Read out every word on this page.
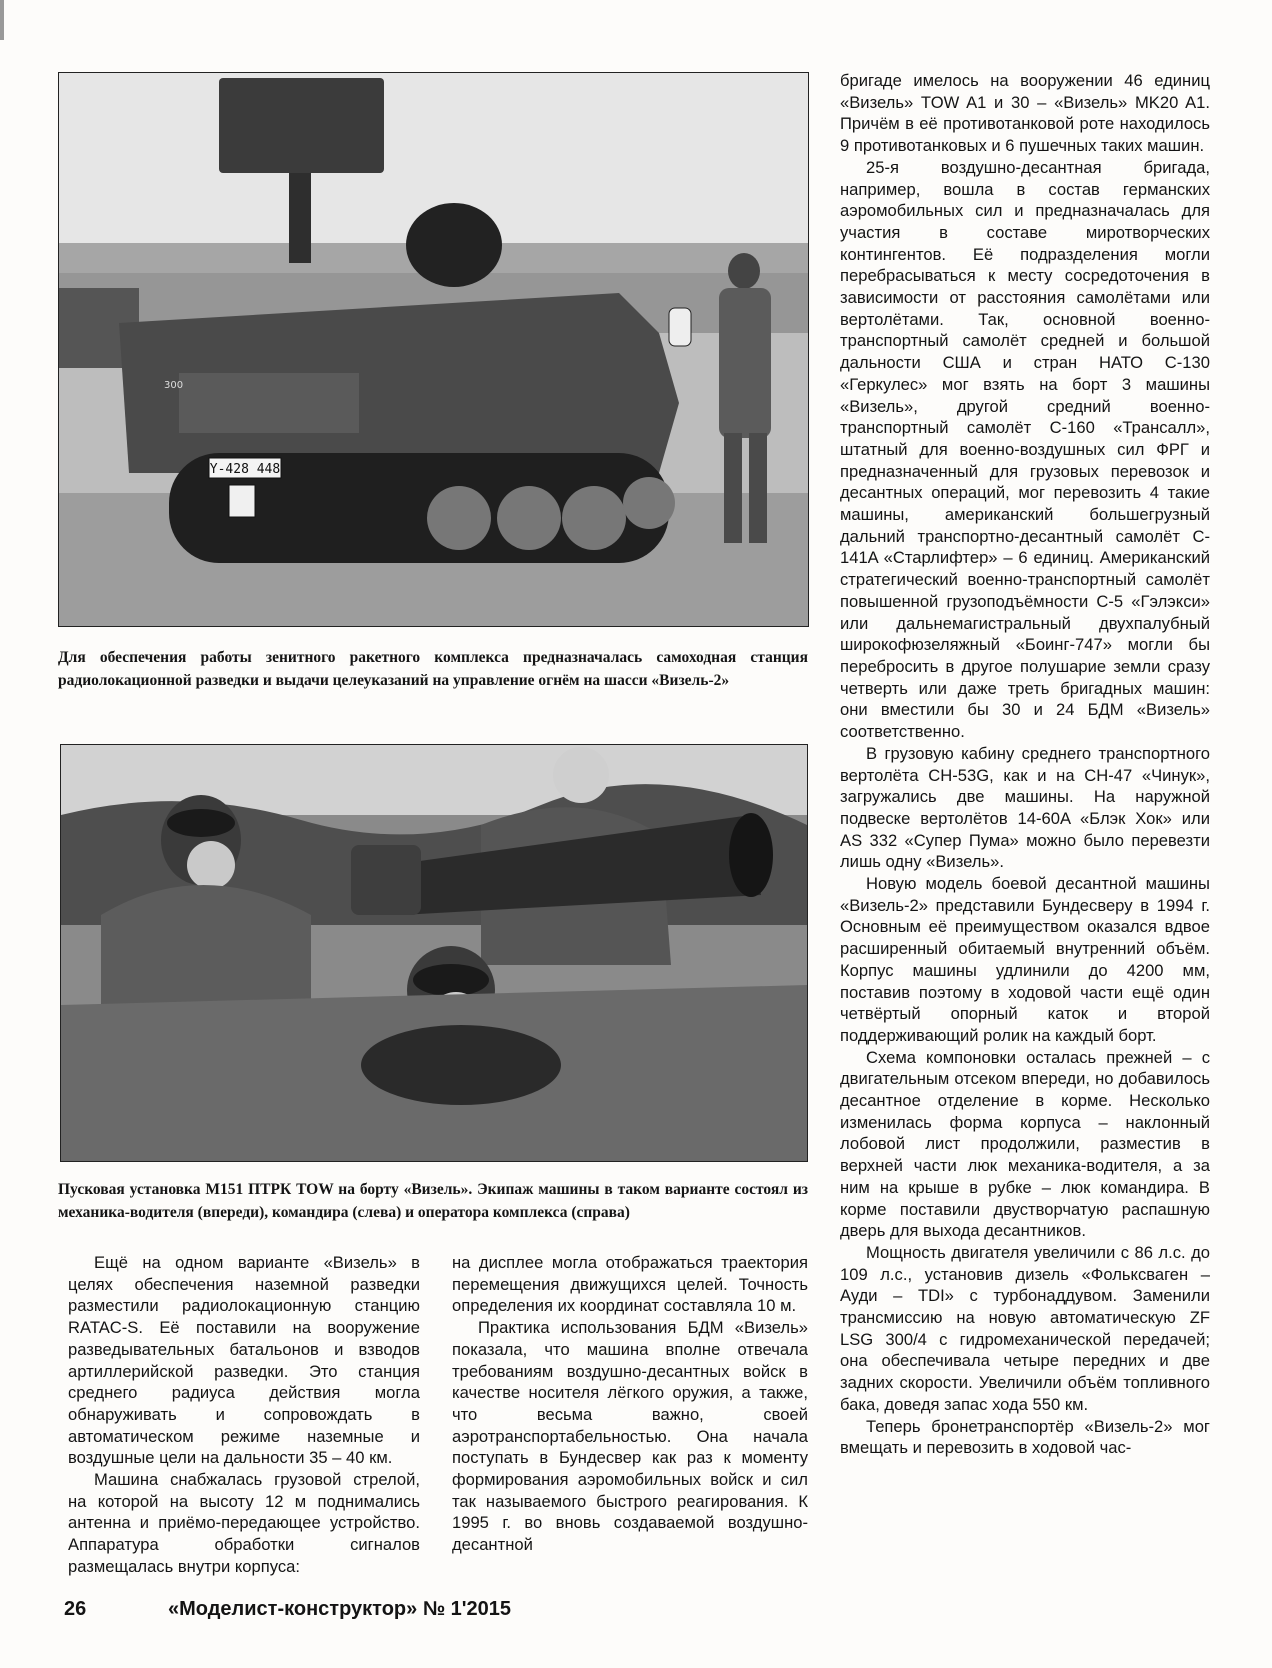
Y-428 448
300

Для обеспечения работы зенитного ракетного комплекса предназначалась самоходная станция радиолокационной разведки и выдачи целеуказаний на управление огнём на шасси «Визель-2»

Пусковая установка M151 ПТРК TOW на борту «Визель». Экипаж машины в таком варианте состоял из механика-водителя (впереди), командира (слева) и оператора комплекса (справа)

Ещё на одном варианте «Визель» в целях обеспечения наземной разведки разместили радиолокационную станцию RATAC-S. Её поставили на вооружение разведывательных батальонов и взводов артиллерийской разведки. Это станция среднего радиуса действия могла обнаруживать и сопровождать в автоматическом режиме наземные и воздушные цели на дальности 35 – 40 км.

Машина снабжалась грузовой стрелой, на которой на высоту 12 м поднимались антенна и приёмо-передающее устройство. Аппаратура обработки сигналов размещалась внутри корпуса:

на дисплее могла отображаться траектория перемещения движущихся целей. Точность определения их координат составляла 10 м.

Практика использования БДМ «Визель» показала, что машина вполне отвечала требованиям воздушно-десантных войск в качестве носителя лёгкого оружия, а также, что весьма важно, своей аэротранспортабельностью. Она начала поступать в Бундесвер как раз к моменту формирования аэромобильных войск и сил так называемого быстрого реагирования. К 1995 г. во вновь создаваемой воздушно-десантной

бригаде имелось на вооружении 46 единиц «Визель» TOW A1 и 30 – «Визель» MK20 A1. Причём в её противотанковой роте находилось 9 противотанковых и 6 пушечных таких машин.

25-я воздушно-десантная бригада, например, вошла в состав германских аэромобильных сил и предназначалась для участия в составе миротворческих контингентов. Её подразделения могли перебрасываться к месту сосредоточения в зависимости от расстояния самолётами или вертолётами. Так, основной военно-транспортный самолёт средней и большой дальности США и стран НАТО C-130 «Геркулес» мог взять на борт 3 машины «Визель», другой средний военно-транспортный самолёт C-160 «Трансалл», штатный для военно-воздушных сил ФРГ и предназначенный для грузовых перевозок и десантных операций, мог перевозить 4 такие машины, американский большегрузный дальний транспортно-десантный самолёт C-141A «Старлифтер» – 6 единиц. Американский стратегический военно-транспортный самолёт повышенной грузоподъёмности C-5 «Гэлэкси» или дальнемагистральный двухпалубный широкофюзеляжный «Боинг-747» могли бы перебросить в другое полушарие земли сразу четверть или даже треть бригадных машин: они вместили бы 30 и 24 БДМ «Визель» соответственно.

В грузовую кабину среднего транспортного вертолёта CH-53G, как и на CH-47 «Чинук», загружались две машины. На наружной подвеске вертолётов 14-60A «Блэк Хок» или AS 332 «Супер Пума» можно было перевезти лишь одну «Визель».

Новую модель боевой десантной машины «Визель-2» представили Бундесверу в 1994 г. Основным её преимуществом оказался вдвое расширенный обитаемый внутренний объём. Корпус машины удлинили до 4200 мм, поставив поэтому в ходовой части ещё один четвёртый опорный каток и второй поддерживающий ролик на каждый борт.

Схема компоновки осталась прежней – с двигательным отсеком впереди, но добавилось десантное отделение в корме. Несколько изменилась форма корпуса – наклонный лобовой лист продолжили, разместив в верхней части люк механика-водителя, а за ним на крыше в рубке – люк командира. В корме поставили двустворчатую распашную дверь для выхода десантников.

Мощность двигателя увеличили с 86 л.с. до 109 л.с., установив дизель «Фольксваген – Ауди – TDI» с турбонаддувом. Заменили трансмиссию на новую автоматическую ZF LSG 300/4 с гидромеханической передачей; она обеспечивала четыре передних и две задних скорости. Увеличили объём топливного бака, доведя запас хода 550 км.

Теперь бронетранспортёр «Визель-2» мог вмещать и перевозить в ходовой час-

26	«Моделист-конструктор» № 1'2015
